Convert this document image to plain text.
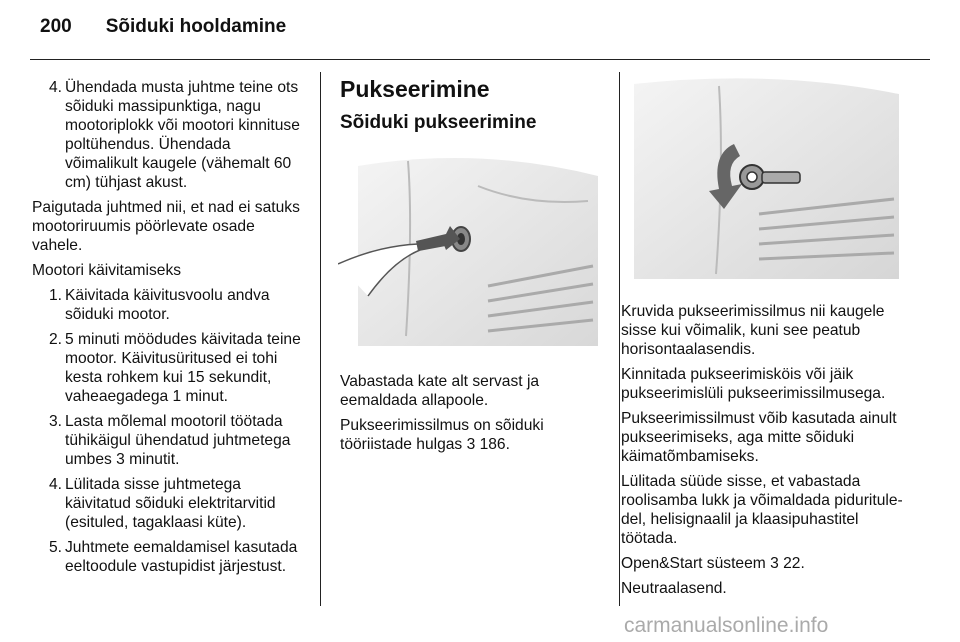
200 Sõiduki hooldamine
4. Ühendada musta juhtme teine ots sõiduki massipunktiga, nagu mootoriplokk või mootori kinnituse poltühendus. Ühendada võimalikult kaugele (vähemalt 60 cm) tühjast akust.

Paigutada juhtmed nii, et nad ei satuks mootoriruumis pöörlevate osade vahele.

Mootori käivitamiseks

1. Käivitada käivitusvoolu andva sõiduki mootor.
2. 5 minuti möödudes käivitada teine mootor. Käivitusüritused ei tohi kesta rohkem kui 15 sekundit, vaheaegadega 1 minut.
3. Lasta mõlemal mootoril töötada tühikäigul ühendatud juhtmetega umbes 3 minutit.
4. Lülitada sisse juhtmetega käivitatud sõiduki elektritarvitid (esituled, tagaklaasi küte).
5. Juhtmete eemaldamisel kasutada eeltoodule vastupidist järjestust.
Pukseerimine
Sõiduki pukseerimine

Vabastada kate alt servast ja eemaldada allapoole.

Pukseerimissilmus on sõiduki tööriistade hulgas 3 186.

Kruvida pukseerimissilmus nii kaugele sisse kui võimalik, kuni see peatub horisontaalasendis.

Kinnitada pukseerimisköis või jäik pukseerimislüli pukseerimissilmusega.

Pukseerimissilmust võib kasutada ainult pukseerimiseks, aga mitte sõiduki käimatõmbamiseks.

Lülitada süüde sisse, et vabastada roolisamba lukk ja võimaldada pidurituledel, helisignaalil ja klaasipuhastitel töötada.

Open&Start süsteem 3 22.

Neutraalasend.

carmanualsonline.info
